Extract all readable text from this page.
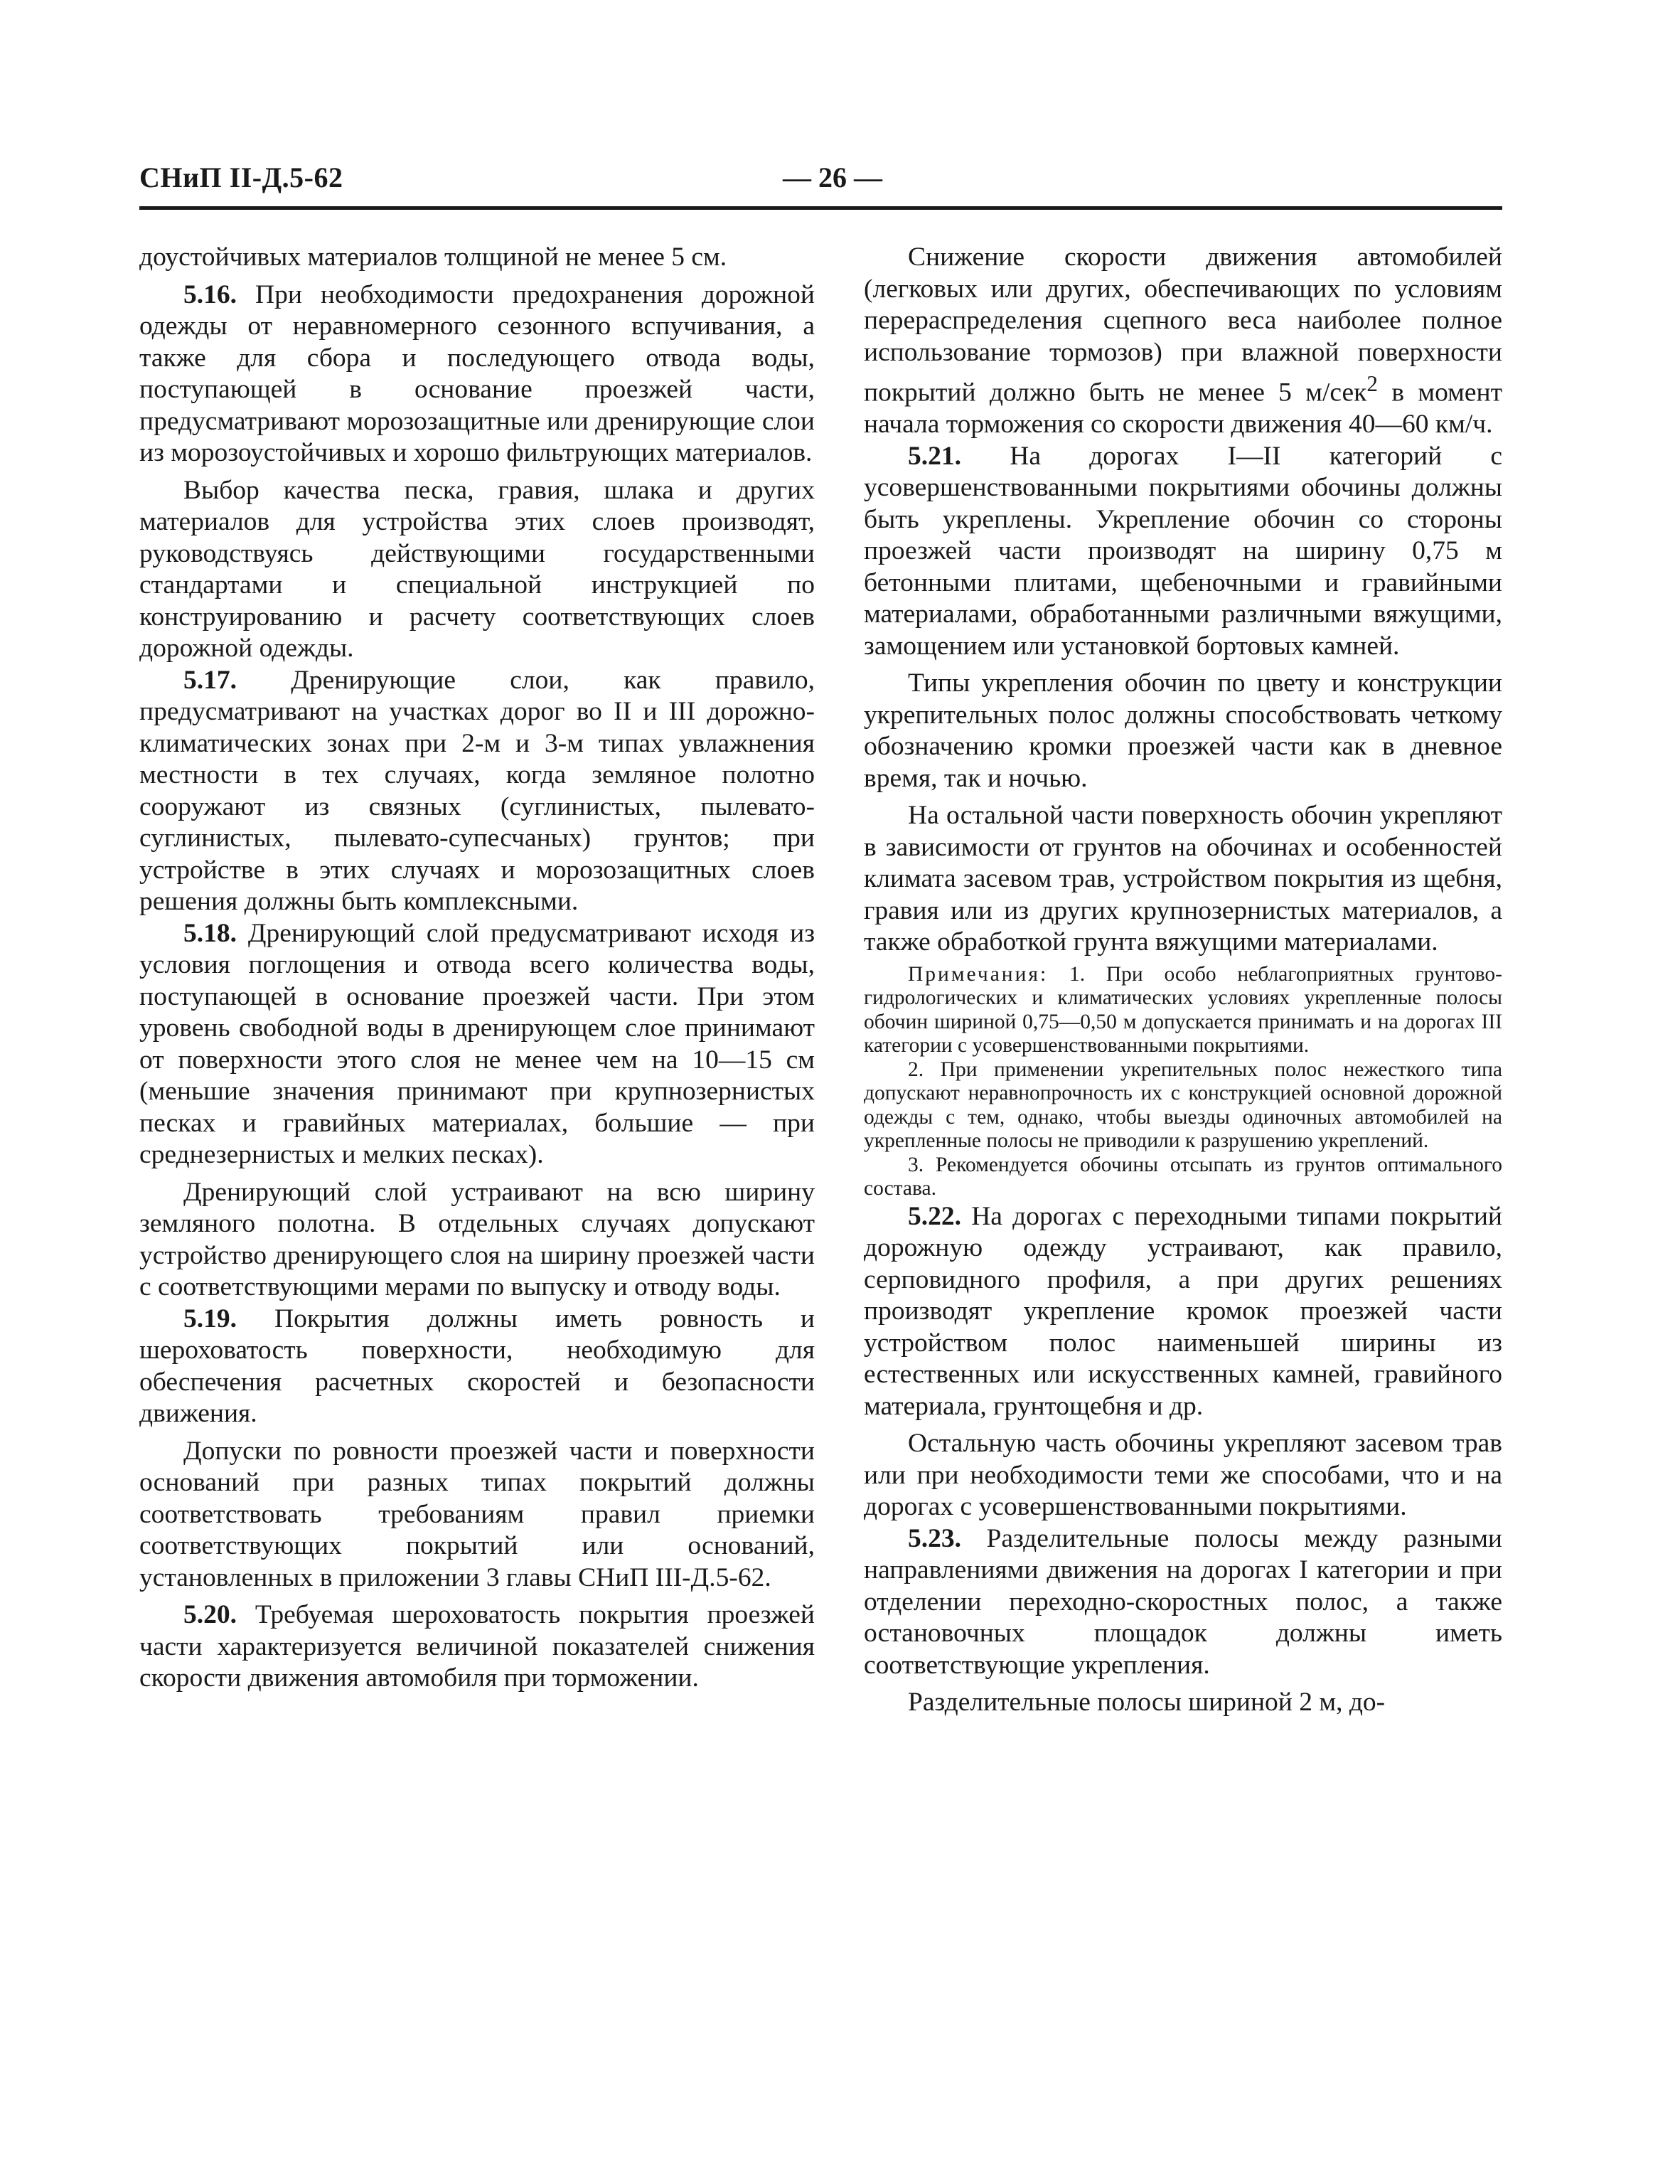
СНиП II-Д.5-62	— 26 —

доустойчивых материалов толщиной не менее 5 см.

5.16. При необходимости предохранения дорожной одежды от неравномерного сезонного вспучивания, а также для сбора и последующего отвода воды, поступающей в основание проезжей части, предусматривают морозозащитные или дренирующие слои из морозоустойчивых и хорошо фильтрующих материалов.

Выбор качества песка, гравия, шлака и других материалов для устройства этих слоев производят, руководствуясь действующими государственными стандартами и специальной инструкцией по конструированию и расчету соответствующих слоев дорожной одежды.

5.17. Дренирующие слои, как правило, предусматривают на участках дорог во II и III дорожно-климатических зонах при 2-м и 3-м типах увлажнения местности в тех случаях, когда земляное полотно сооружают из связных (суглинистых, пылевато-суглинистых, пылевато-супесчаных) грунтов; при устройстве в этих случаях и морозозащитных слоев решения должны быть комплексными.

5.18. Дренирующий слой предусматривают исходя из условия поглощения и отвода всего количества воды, поступающей в основание проезжей части. При этом уровень свободной воды в дренирующем слое принимают от поверхности этого слоя не менее чем на 10—15 см (меньшие значения принимают при крупнозернистых песках и гравийных материалах, большие — при среднезернистых и мелких песках).

Дренирующий слой устраивают на всю ширину земляного полотна. В отдельных случаях допускают устройство дренирующего слоя на ширину проезжей части с соответствующими мерами по выпуску и отводу воды.

5.19. Покрытия должны иметь ровность и шероховатость поверхности, необходимую для обеспечения расчетных скоростей и безопасности движения.

Допуски по ровности проезжей части и поверхности оснований при разных типах покрытий должны соответствовать требованиям правил приемки соответствующих покрытий или оснований, установленных в приложении 3 главы СНиП III-Д.5-62.

5.20. Требуемая шероховатость покрытия проезжей части характеризуется величиной показателей снижения скорости движения автомобиля при торможении.

Снижение скорости движения автомобилей (легковых или других, обеспечивающих по условиям перераспределения сцепного веса наиболее полное использование тормозов) при влажной поверхности покрытий должно быть не менее 5 м/сек$^2$ в момент начала торможения со скорости движения 40—60 км/ч.

5.21. На дорогах I—II категорий с усовершенствованными покрытиями обочины должны быть укреплены. Укрепление обочин со стороны проезжей части производят на ширину 0,75 м бетонными плитами, щебеночными и гравийными материалами, обработанными различными вяжущими, замощением или установкой бортовых камней.

Типы укрепления обочин по цвету и конструкции укрепительных полос должны способствовать четкому обозначению кромки проезжей части как в дневное время, так и ночью.

На остальной части поверхность обочин укрепляют в зависимости от грунтов на обочинах и особенностей климата засевом трав, устройством покрытия из щебня, гравия или из других крупнозернистых материалов, а также обработкой грунта вяжущими материалами.

Примечания: 1. При особо неблагоприятных грунтово-гидрологических и климатических условиях укрепленные полосы обочин шириной 0,75—0,50 м допускается принимать и на дорогах III категории с усовершенствованными покрытиями.

2. При применении укрепительных полос нежесткого типа допускают неравнопрочность их с конструкцией основной дорожной одежды с тем, однако, чтобы выезды одиночных автомобилей на укрепленные полосы не приводили к разрушению укреплений.

3. Рекомендуется обочины отсыпать из грунтов оптимального состава.

5.22. На дорогах с переходными типами покрытий дорожную одежду устраивают, как правило, серповидного профиля, а при других решениях производят укрепление кромок проезжей части устройством полос наименьшей ширины из естественных или искусственных камней, гравийного материала, грунтощебня и др.

Остальную часть обочины укрепляют засевом трав или при необходимости теми же способами, что и на дорогах с усовершенствованными покрытиями.

5.23. Разделительные полосы между разными направлениями движения на дорогах I категории и при отделении переходно-скоростных полос, а также остановочных площадок должны иметь соответствующие укрепления.

Разделительные полосы шириной 2 м, до-
